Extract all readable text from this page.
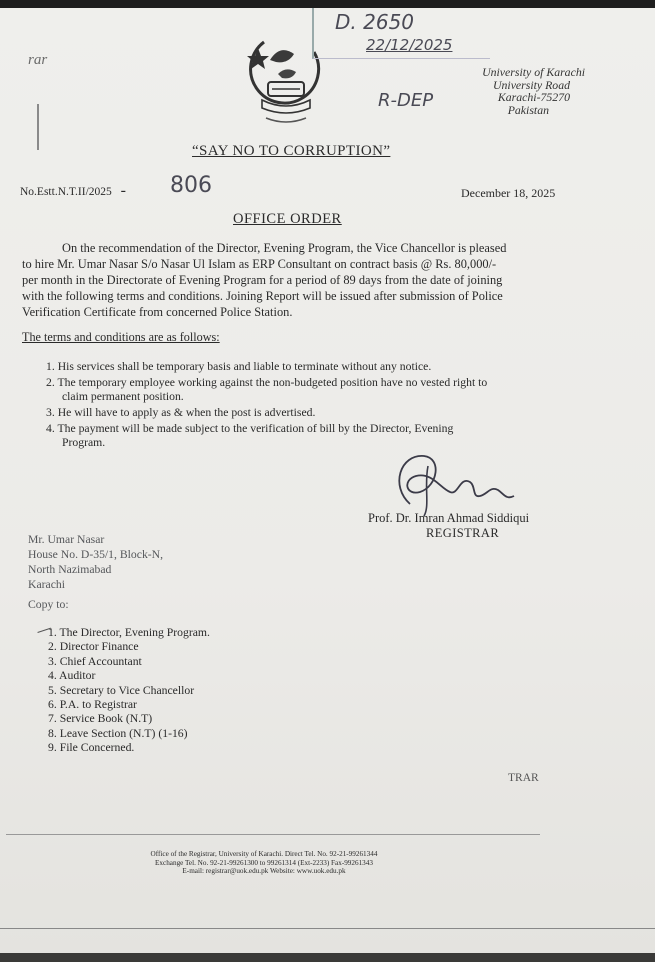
rar
D. 2650
22/12/2025
R-DEP
University of Karachi
University Road
Karachi-75270
Pakistan
“SAY NO TO CORRUPTION”
No.Estt.N.T.II/2025 - 806	December 18, 2025
OFFICE ORDER
On the recommendation of the Director, Evening Program, the Vice Chancellor is pleased
to hire Mr. Umar Nasar S/o Nasar Ul Islam as ERP Consultant on contract basis @ Rs. 80,000/-
per month in the Directorate of Evening Program for a period of 89 days from the date of joining
with the following terms and conditions. Joining Report will be issued after submission of Police
Verification Certificate from concerned Police Station.
The terms and conditions are as follows:
1. His services shall be temporary basis and liable to terminate without any notice.
2. The temporary employee working against the non-budgeted position have no vested right to
claim permanent position.
3. He will have to apply as & when the post is advertised.
4. The payment will be made subject to the verification of bill by the Director, Evening
Program.
Prof. Dr. Imran Ahmad Siddiqui
REGISTRAR
Mr. Umar Nasar
House No. D-35/1, Block-N,
North Nazimabad
Karachi
Copy to:
1. The Director, Evening Program.
2. Director Finance
3. Chief Accountant
4. Auditor
5. Secretary to Vice Chancellor
6. P.A. to Registrar
7. Service Book (N.T)
8. Leave Section (N.T) (1-16)
9. File Concerned.
TRAR
Office of the Registrar, University of Karachi. Direct Tel. No. 92-21-99261344
Exchange Tel. No. 92-21-99261300 to 99261314 (Ext-2233) Fax-99261343
E-mail: registrar@uok.edu.pk Website: www.uok.edu.pk
